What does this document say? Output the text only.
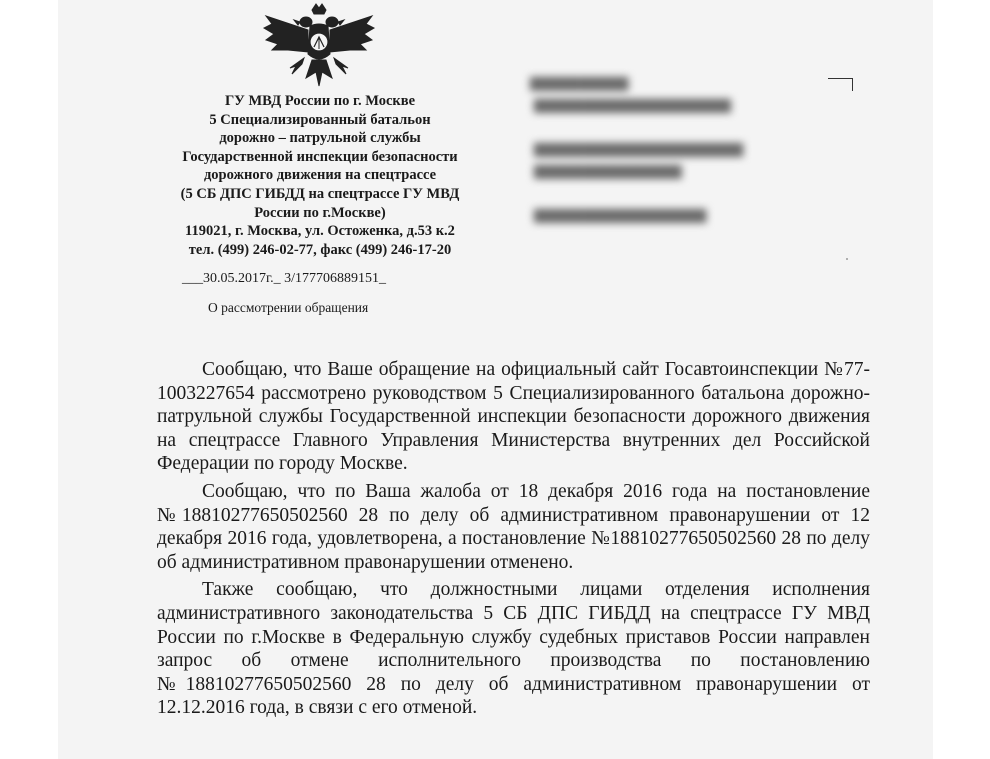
ГУ МВД России по г. Москве
5 Специализированный батальон
дорожно – патрульной службы
Государственной инспекции безопасности
дорожного движения на спецтрассе
(5 СБ ДПС ГИБДД на спецтрассе ГУ МВД
России по г.Москве)
119021, г. Москва, ул. Остоженка, д.53 к.2
тел. (499) 246-02-77, факс (499) 246-17-20
___30.05.2017г._ 3/177706889151_
О рассмотрении обращения
▆▆▆▆▆▆▆▆
▆▆▆▆▆▆▆▆▆▆▆▆▆▆▆▆
▆▆▆▆▆▆▆▆▆▆▆▆▆▆▆▆▆
▆▆▆▆▆▆▆▆▆▆▆▆
▆▆▆▆▆▆▆▆▆▆▆▆▆▆

Сообщаю, что Ваше обращение на официальный сайт Госавтоинспекции №77-1003227654 рассмотрено руководством 5 Специализированного батальона дорожно-патрульной службы Государственной инспекции безопасности дорожного движения на спецтрассе Главного Управления Министерства внутренних дел Российской Федерации по городу Москве.

Сообщаю, что по Ваша жалоба от 18 декабря 2016 года на постановление №18810277650502560 28 по делу об административном правонарушении от 12 декабря 2016 года, удовлетворена, а постановление №18810277650502560 28 по делу об административном правонарушении отменено.

Также сообщаю, что должностными лицами отделения исполнения административного законодательства 5 СБ ДПС ГИБДД на спецтрассе ГУ МВД России по г.Москве в Федеральную службу судебных приставов России направлен запрос об отмене исполнительного производства по постановлению №18810277650502560 28 по делу об административном правонарушении от 12.12.2016 года, в связи с его отменой.
